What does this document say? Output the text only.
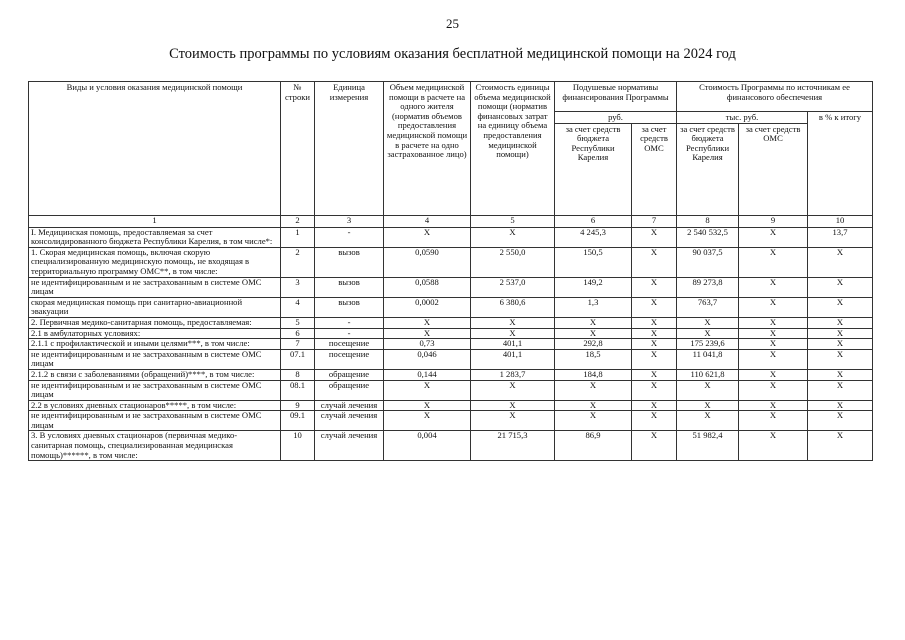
25
Стоимость программы по условиям оказания бесплатной медицинской помощи на 2024 год
Виды и условия оказания медицинской помощи	№ строки	Единица измерения	Объем медицинской помощи в расчете на одного жителя (норматив объемов предоставления медицинской помощи в расчете на одно застрахованное лицо)	Стоимость единицы объема медицинской помощи (норматив финансовых затрат на единицу объема предоставления медицинской помощи)	Подушевые нормативы финансирования Программы		Стоимость Программы по источникам ее финансового обеспечения		

					руб.		тыс. руб.		в % к итогу
					за счет средств бюджета Республики Карелия	за счет средств ОМС	за счет средств бюджета Республики Карелия	за счет средств ОМС	
1	2	3	4	5	6	7	8	9	10
I. Медицинская помощь, предоставляемая за счет консолидированного бюджета Республики Карелия, в том числе*:	1	-	X	X	4 245,3	X	2 540 532,5	X	13,7
1. Скорая медицинская помощь, включая скорую специализированную медицинскую помощь, не входящая в территориальную программу ОМС**, в том числе:	2	вызов	0,0590	2 550,0	150,5	X	90 037,5	X	X
не идентифицированным и не застрахованным в системе ОМС лицам	3	вызов	0,0588	2 537,0	149,2	X	89 273,8	X	X
скорая медицинская помощь при санитарно-авиационной эвакуации	4	вызов	0,0002	6 380,6	1,3	X	763,7	X	X
2. Первичная медико-санитарная помощь, предоставляемая:	5	-	X	X	X	X	X	X	X
2.1 в амбулаторных условиях:	6	-	X	X	X	X	X	X	X
2.1.1 с профилактической и иными целями***, в том числе:	7	посещение	0,73	401,1	292,8	X	175 239,6	X	X
не идентифицированным и не застрахованным в системе ОМС лицам	07.1	посещение	0,046	401,1	18,5	X	11 041,8	X	X
2.1.2 в связи с заболеваниями (обращений)****, в том числе:	8	обращение	0,144	1 283,7	184,8	X	110 621,8	X	X
не идентифицированным и не застрахованным в системе ОМС лицам	08.1	обращение	X	X	X	X	X	X	X
2.2 в условиях дневных стационаров*****, в том числе:	9	случай лечения	X	X	X	X	X	X	X
не идентифицированным и не застрахованным в системе ОМС лицам	09.1	случай лечения	X	X	X	X	X	X	X
3. В условиях дневных стационаров (первичная медико-санитарная помощь, специализированная медицинская помощь)******, в том числе:	10	случай лечения	0,004	21 715,3	86,9	X	51 982,4	X	X
